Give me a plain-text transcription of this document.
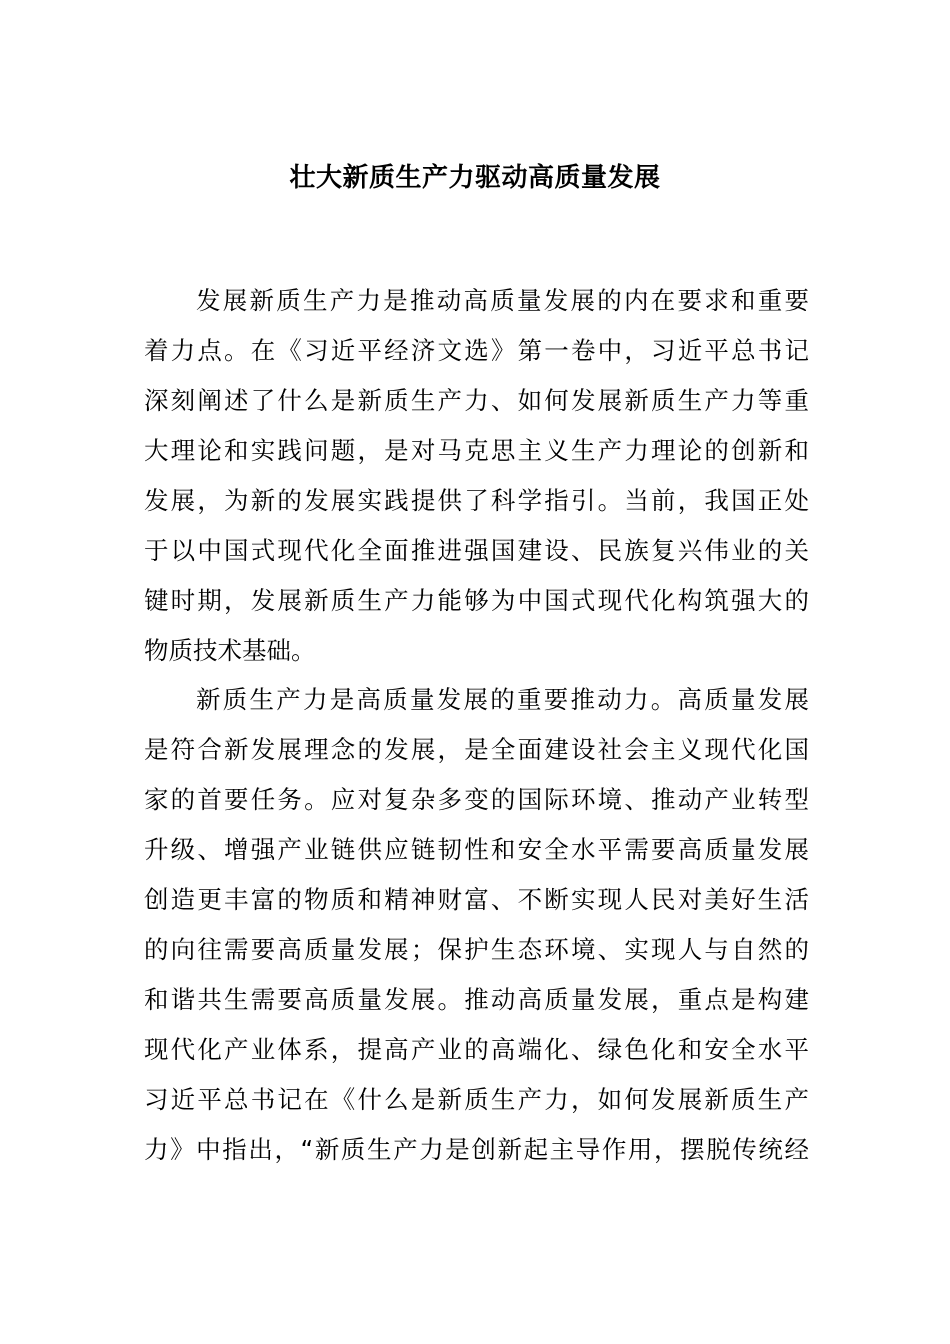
壮大新质生产力驱动高质量发展
发展新质生产力是推动高质量发展的内在要求和重要
着力点。在《习近平经济文选》第一卷中，习近平总书记
深刻阐述了什么是新质生产力、如何发展新质生产力等重
大理论和实践问题，是对马克思主义生产力理论的创新和
发展，为新的发展实践提供了科学指引。当前，我国正处
于以中国式现代化全面推进强国建设、民族复兴伟业的关
键时期，发展新质生产力能够为中国式现代化构筑强大的
物质技术基础。
新质生产力是高质量发展的重要推动力。高质量发展
是符合新发展理念的发展，是全面建设社会主义现代化国
家的首要任务。应对复杂多变的国际环境、推动产业转型
升级、增强产业链供应链韧性和安全水平需要高质量发展
创造更丰富的物质和精神财富、不断实现人民对美好生活
的向往需要高质量发展；保护生态环境、实现人与自然的
和谐共生需要高质量发展。推动高质量发展，重点是构建
现代化产业体系，提高产业的高端化、绿色化和安全水平
习近平总书记在《什么是新质生产力，如何发展新质生产
力》中指出，“新质生产力是创新起主导作用，摆脱传统经
